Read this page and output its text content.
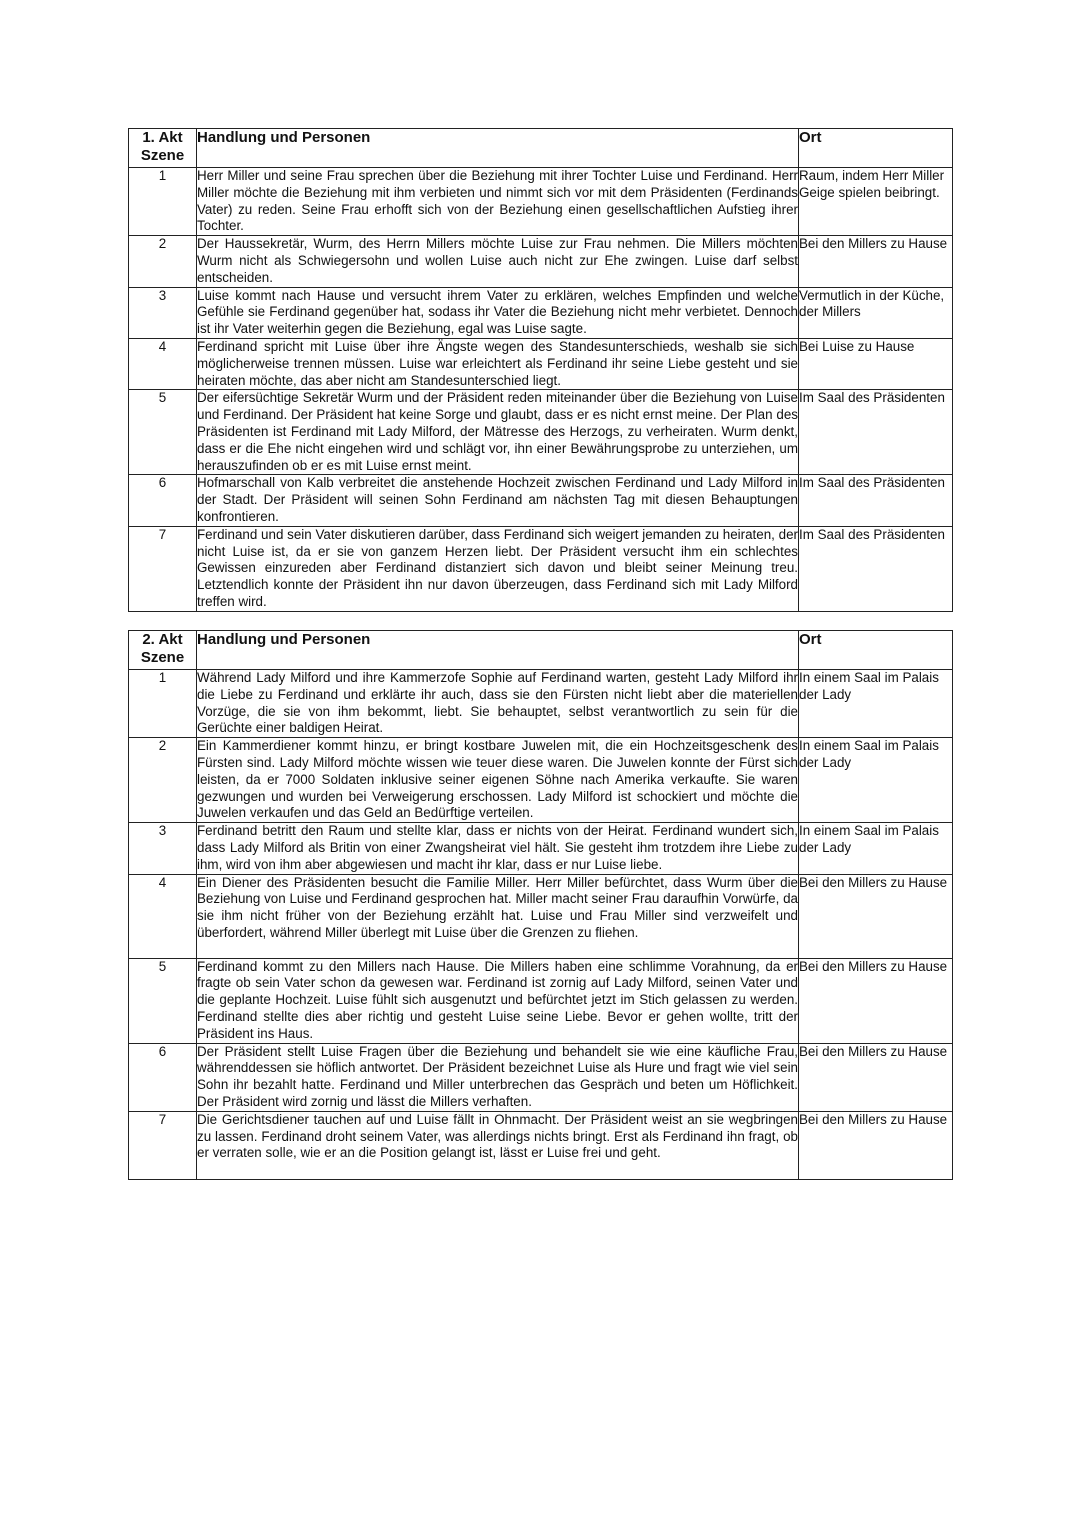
1. Akt
Szene	Handlung und Personen	Ort
1	Herr Miller und seine Frau sprechen über die Beziehung mit ihrer Tochter Luise und Ferdinand. Herr Miller möchte die Beziehung mit ihm verbieten und nimmt sich vor mit dem Präsidenten (Ferdinands Vater) zu reden. Seine Frau erhofft sich von der Beziehung einen gesellschaftlichen Aufstieg ihrer Tochter.	Raum, indem Herr Miller Geige spielen beibringt.
2	Der Haussekretär, Wurm, des Herrn Millers möchte Luise zur Frau nehmen. Die Millers möchten Wurm nicht als Schwiegersohn und wollen Luise auch nicht zur Ehe zwingen. Luise darf selbst entscheiden.	Bei den Millers zu Hause
3	Luise kommt nach Hause und versucht ihrem Vater zu erklären, welches Empfinden und welche Gefühle sie Ferdinand gegenüber hat, sodass ihr Vater die Beziehung nicht mehr verbietet. Dennoch ist ihr Vater weiterhin gegen die Beziehung, egal was Luise sagte.	Vermutlich in der Küche, der Millers
4	Ferdinand spricht mit Luise über ihre Ängste wegen des Standesunterschieds, weshalb sie sich möglicherweise trennen müssen. Luise war erleichtert als Ferdinand ihr seine Liebe gesteht und sie heiraten möchte, das aber nicht am Standesunterschied liegt.	Bei Luise zu Hause
5	Der eifersüchtige Sekretär Wurm und der Präsident reden miteinander über die Beziehung von Luise und Ferdinand. Der Präsident hat keine Sorge und glaubt, dass er es nicht ernst meine. Der Plan des Präsidenten ist Ferdinand mit Lady Milford, der Mätresse des Herzogs, zu verheiraten. Wurm denkt, dass er die Ehe nicht eingehen wird und schlägt vor, ihn einer Bewährungsprobe zu unterziehen, um herauszufinden ob er es mit Luise ernst meint.	Im Saal des Präsidenten
6	Hofmarschall von Kalb verbreitet die anstehende Hochzeit zwischen Ferdinand und Lady Milford in der Stadt. Der Präsident will seinen Sohn Ferdinand am nächsten Tag mit diesen Behauptungen konfrontieren.	Im Saal des Präsidenten
7	Ferdinand und sein Vater diskutieren darüber, dass Ferdinand sich weigert jemanden zu heiraten, der nicht Luise ist, da er sie von ganzem Herzen liebt. Der Präsident versucht ihm ein schlechtes Gewissen einzureden aber Ferdinand distanziert sich davon und bleibt seiner Meinung treu. Letztendlich konnte der Präsident ihn nur davon überzeugen, dass Ferdinand sich mit Lady Milford treffen wird.	Im Saal des Präsidenten
2. Akt
Szene	Handlung und Personen	Ort
1	Während Lady Milford und ihre Kammerzofe Sophie auf Ferdinand warten, gesteht Lady Milford ihr die Liebe zu Ferdinand und erklärte ihr auch, dass sie den Fürsten nicht liebt aber die materiellen Vorzüge, die sie von ihm bekommt, liebt. Sie behauptet, selbst verantwortlich zu sein für die Gerüchte einer baldigen Heirat.	In einem Saal im Palais der Lady
2	Ein Kammerdiener kommt hinzu, er bringt kostbare Juwelen mit, die ein Hochzeitsgeschenk des Fürsten sind. Lady Milford möchte wissen wie teuer diese waren. Die Juwelen konnte der Fürst sich leisten, da er 7000 Soldaten inklusive seiner eigenen Söhne nach Amerika verkaufte. Sie waren gezwungen und wurden bei Verweigerung erschossen. Lady Milford ist schockiert und möchte die Juwelen verkaufen und das Geld an Bedürftige verteilen.	In einem Saal im Palais der Lady
3	Ferdinand betritt den Raum und stellte klar, dass er nichts von der Heirat. Ferdinand wundert sich, dass Lady Milford als Britin von einer Zwangsheirat viel hält. Sie gesteht ihm trotzdem ihre Liebe zu ihm, wird von ihm aber abgewiesen und macht ihr klar, dass er nur Luise liebe.	In einem Saal im Palais der Lady
4	Ein Diener des Präsidenten besucht die Familie Miller. Herr Miller befürchtet, dass Wurm über die Beziehung von Luise und Ferdinand gesprochen hat. Miller macht seiner Frau daraufhin Vorwürfe, da sie ihm nicht früher von der Beziehung erzählt hat. Luise und Frau Miller sind verzweifelt und überfordert, während Miller überlegt mit Luise über die Grenzen zu fliehen.	Bei den Millers zu Hause
5	Ferdinand kommt zu den Millers nach Hause. Die Millers haben eine schlimme Vorahnung, da er fragte ob sein Vater schon da gewesen war. Ferdinand ist zornig auf Lady Milford, seinen Vater und die geplante Hochzeit. Luise fühlt sich ausgenutzt und befürchtet jetzt im Stich gelassen zu werden. Ferdinand stellte dies aber richtig und gesteht Luise seine Liebe. Bevor er gehen wollte, tritt der Präsident ins Haus.	Bei den Millers zu Hause
6	Der Präsident stellt Luise Fragen über die Beziehung und behandelt sie wie eine käufliche Frau, währenddessen sie höflich antwortet. Der Präsident bezeichnet Luise als Hure und fragt wie viel sein Sohn ihr bezahlt hatte. Ferdinand und Miller unterbrechen das Gespräch und beten um Höflichkeit. Der Präsident wird zornig und lässt die Millers verhaften.	Bei den Millers zu Hause
7	Die Gerichtsdiener tauchen auf und Luise fällt in Ohnmacht. Der Präsident weist an sie wegbringen zu lassen. Ferdinand droht seinem Vater, was allerdings nichts bringt. Erst als Ferdinand ihn fragt, ob er verraten solle, wie er an die Position gelangt ist, lässt er Luise frei und geht.	Bei den Millers zu Hause
